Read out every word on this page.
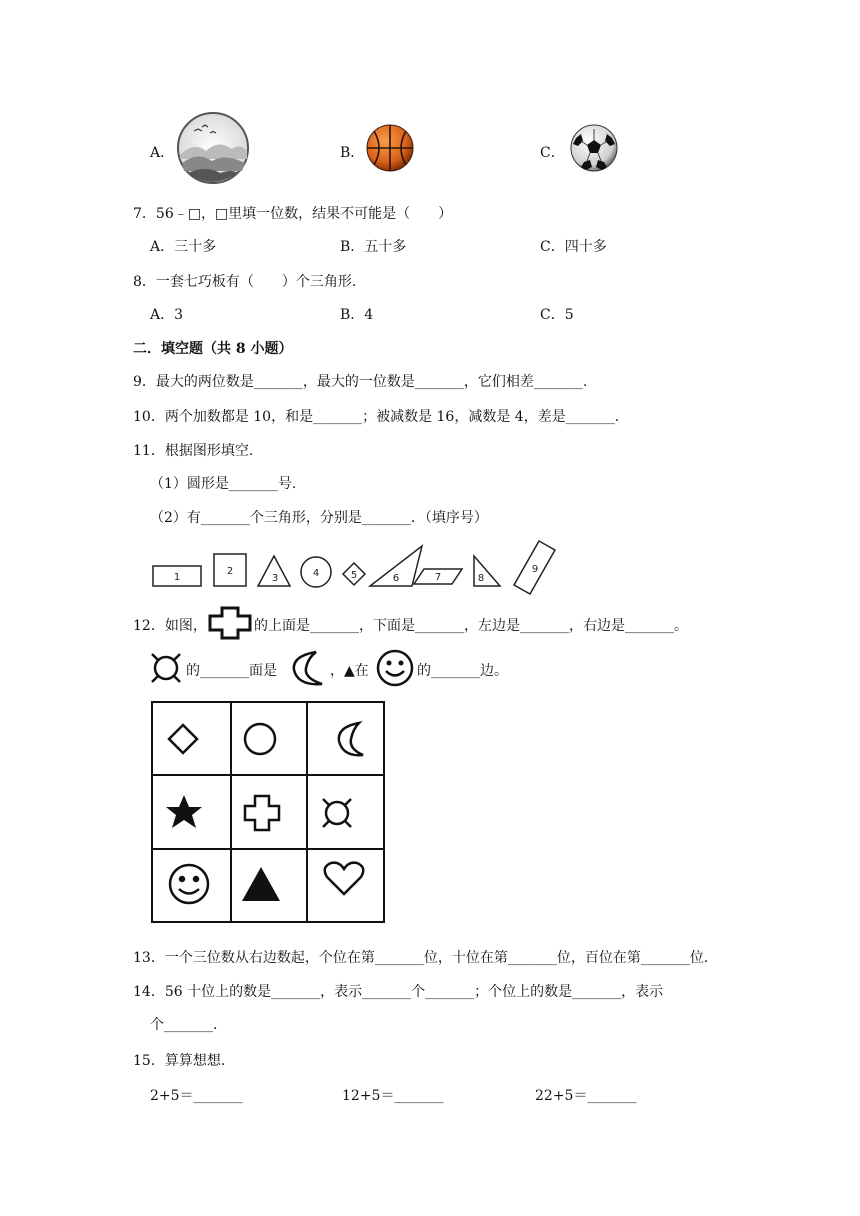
A．	B．	C．
7．56﹣□，□里填一位数，结果不可能是（　　）
A．三十多	B．五十多	C．四十多
8．一套七巧板有（　　）个三角形.
A．3	B．4	C．5
二．填空题（共 8 小题）
9．最大的两位数是_______，最大的一位数是_______，它们相差_______.
10．两个加数都是 10，和是_______；被减数是 16，减数是 4，差是_______.
11．根据图形填空.
（1）圆形是_______号.
（2）有_______个三角形，分别是_______．（填序号）
1
2
3	4	5	6	7	8
9
12．如图，	的上面是_______，下面是_______，左边是_______，右边是_______。
的_______面是	，▲在	的_______边。
13．一个三位数从右边数起，个位在第_______位，十位在第_______位，百位在第_______位.
14．56 十位上的数是_______，表示_______个_______；个位上的数是_______，表示
个_______.
15．算算想想.
2+5＝_______	12+5＝_______	22+5＝_______
